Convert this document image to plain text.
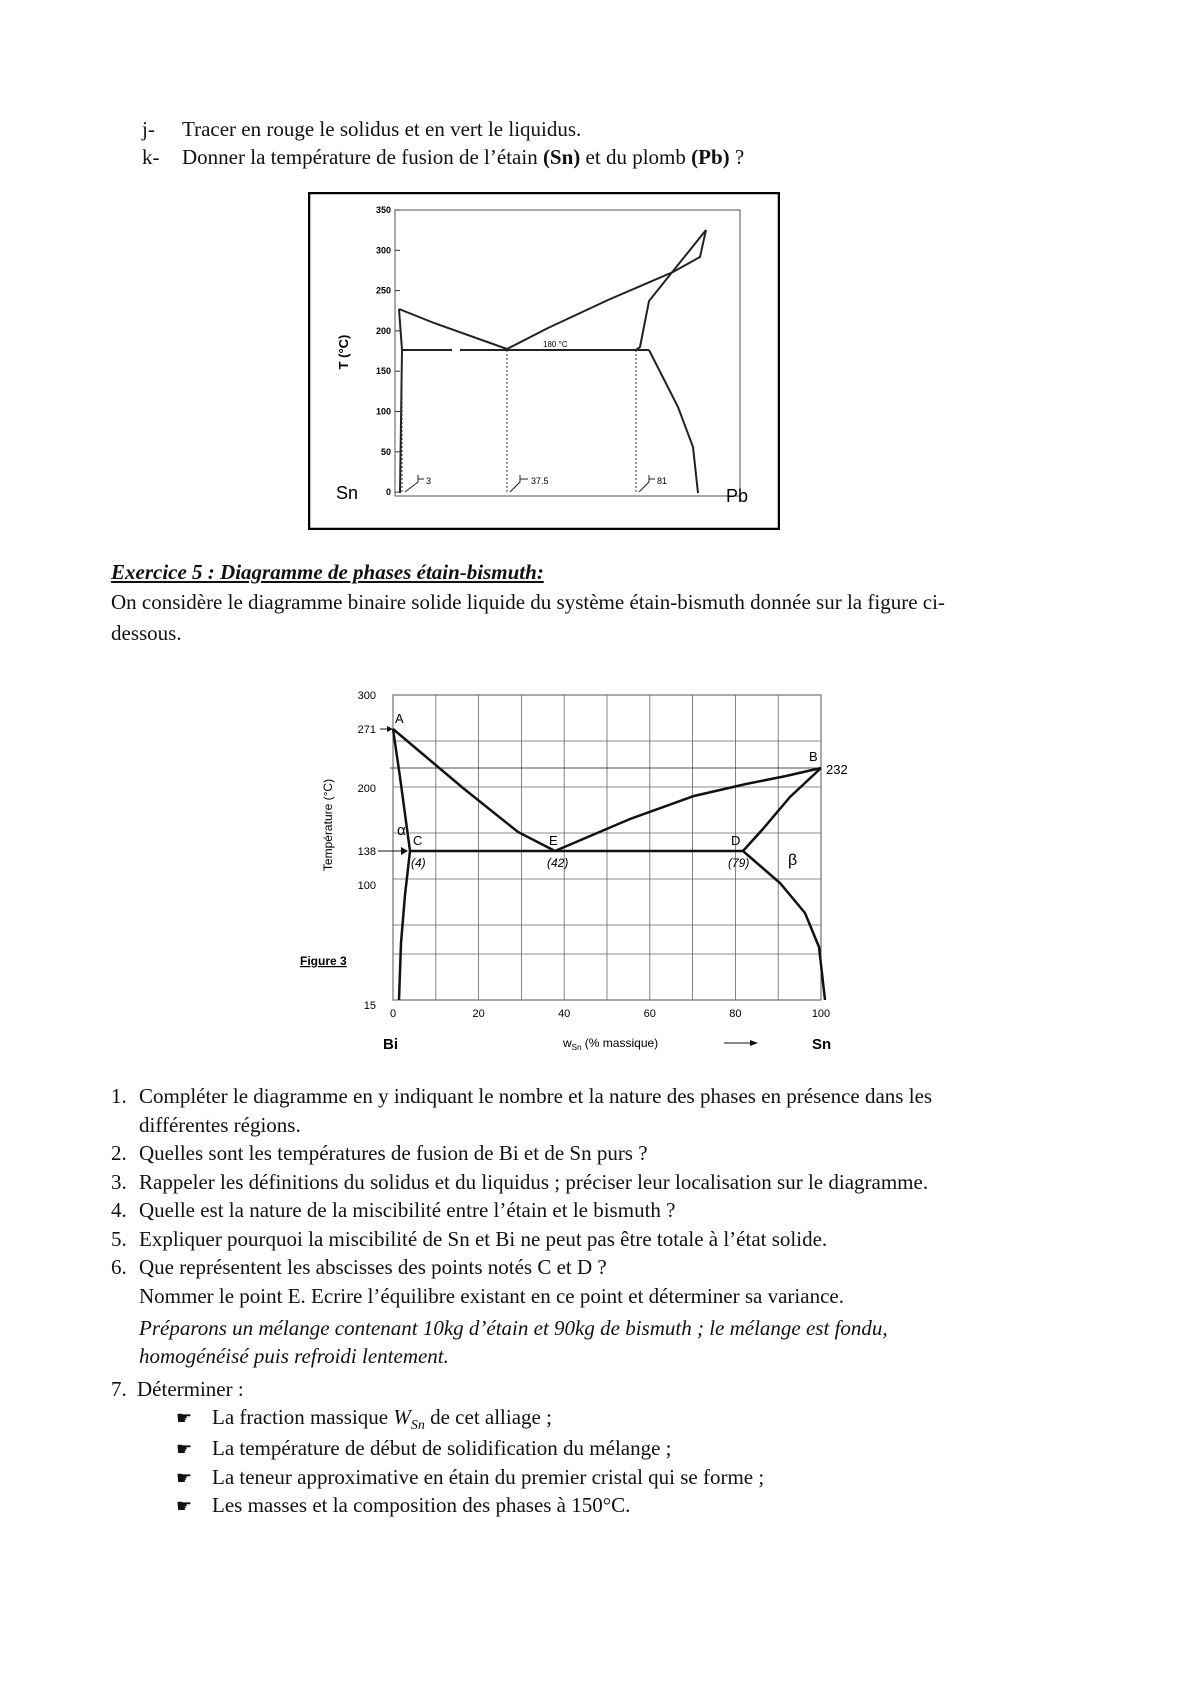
j- Tracer en rouge le solidus et en vert le liquidus.
k- Donner la température de fusion de l’étain (Sn) et du plomb (Pb) ?
350
300
250
200
150
100
50
0
T (°C)	180 °C
3	37.5	81
Sn	Pb
Exercice 5 : Diagramme de phases étain-bismuth:
On considère le diagramme binaire solide liquide du système étain-bismuth donnée sur la figure ci-
dessous.
300
271
200
138
100
15
0	20	40	60	80	100
Température (°C)
A
B
C	E	D
232
(4)	(42)	(79)
α
β
Figure 3
Bi	Sn
$w_{Sn}$ (% massique)
1. Compléter le diagramme en y indiquant le nombre et la nature des phases en présence dans les
différentes régions.
2. Quelles sont les températures de fusion de Bi et de Sn purs ?
3. Rappeler les définitions du solidus et du liquidus ; préciser leur localisation sur le diagramme.
4. Quelle est la nature de la miscibilité entre l’étain et le bismuth ?
5. Expliquer pourquoi la miscibilité de Sn et Bi ne peut pas être totale à l’état solide.
6. Que représentent les abscisses des points notés C et D ?
Nommer le point E. Ecrire l’équilibre existant en ce point et déterminer sa variance.
Préparons un mélange contenant 10kg d’étain et 90kg de bismuth ; le mélange est fondu,
homogénéisé puis refroidi lentement.
7. Déterminer :
☛ La fraction massique $W_{Sn}$ de cet alliage ;
☛ La température de début de solidification du mélange ;
☛ La teneur approximative en étain du premier cristal qui se forme ;
☛ Les masses et la composition des phases à 150°C.
